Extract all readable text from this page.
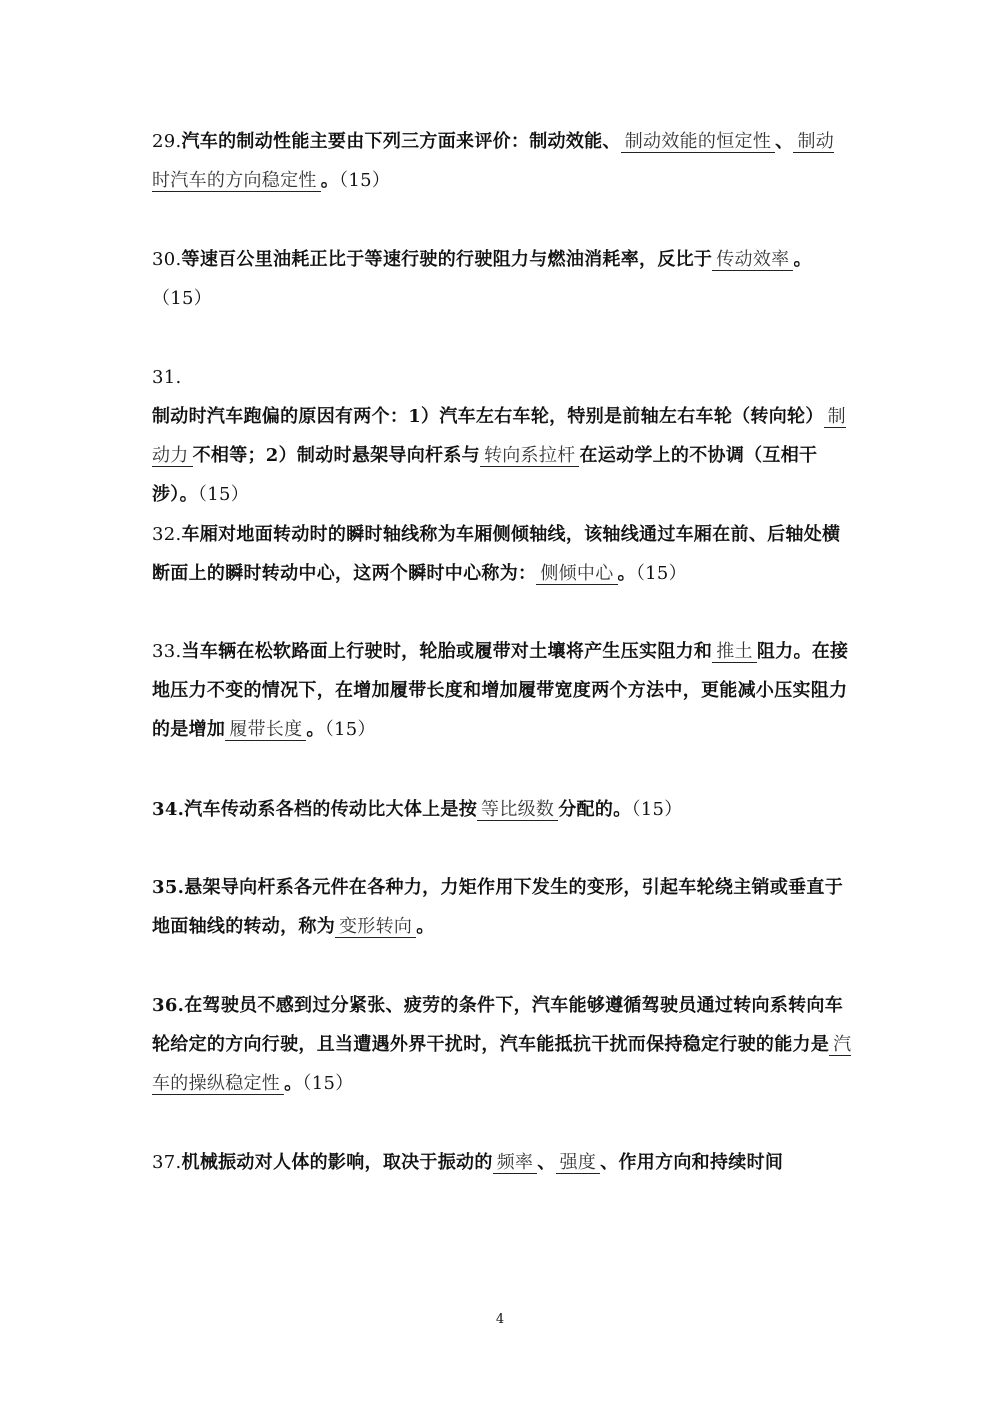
29.汽车的制动性能主要由下列三方面来评价：制动效能、 制动效能的恒定性 、 制动时汽车的方向稳定性 。（15）
30.等速百公里油耗正比于等速行驶的行驶阻力与燃油消耗率，反比于 传动效率 。（15）
31.制动时汽车跑偏的原因有两个：1）汽车左右车轮，特别是前轴左右车轮（转向轮） 制动力 不相等；2）制动时悬架导向杆系与 转向系拉杆 在运动学上的不协调（互相干涉）。（15）
32.车厢对地面转动时的瞬时轴线称为车厢侧倾轴线，该轴线通过车厢在前、后轴处横断面上的瞬时转动中心，这两个瞬时中心称为： 侧倾中心 。（15）
33.当车辆在松软路面上行驶时，轮胎或履带对土壤将产生压实阻力和 推土 阻力。在接地压力不变的情况下，在增加履带长度和增加履带宽度两个方法中，更能减小压实阻力的是增加 履带长度 。（15）
34.汽车传动系各档的传动比大体上是按 等比级数 分配的。（15）
35.悬架导向杆系各元件在各种力，力矩作用下发生的变形，引起车轮绕主销或垂直于地面轴线的转动，称为 变形转向 。
36.在驾驶员不感到过分紧张、疲劳的条件下，汽车能够遵循驾驶员通过转向系转向车轮给定的方向行驶，且当遭遇外界干扰时，汽车能抵抗干扰而保持稳定行驶的能力是 汽车的操纵稳定性 。（15）
37.机械振动对人体的影响，取决于振动的 频率 、 强度 、作用方向和持续时间
4
